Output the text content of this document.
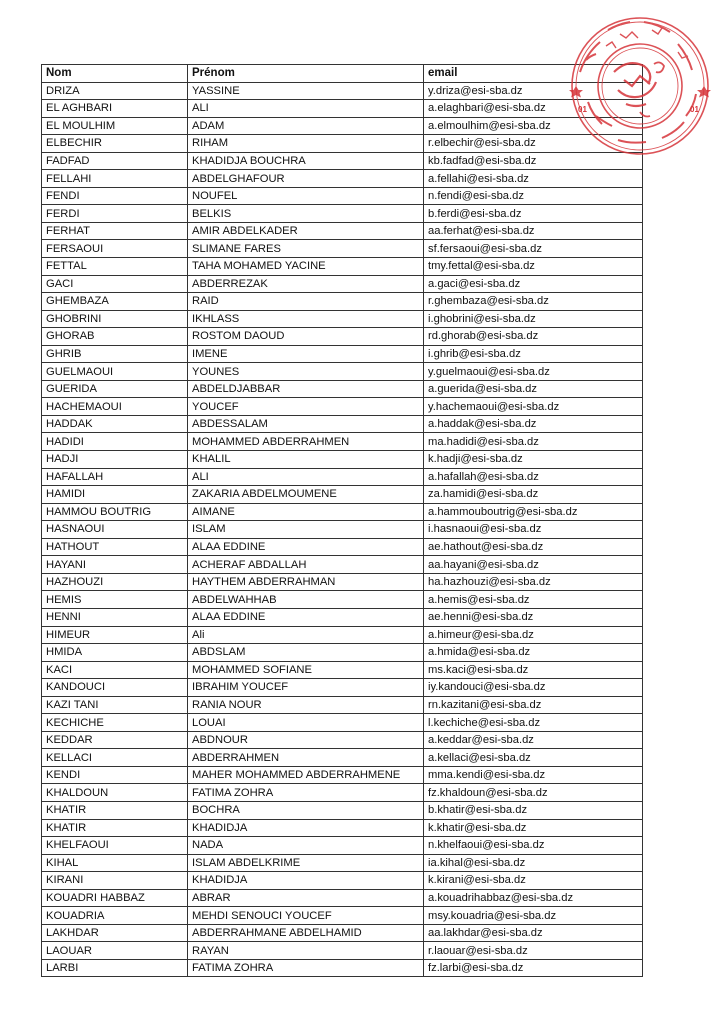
Nom	Prénom	email
DRIZA	YASSINE	y.driza@esi-sba.dz
EL AGHBARI	ALI	a.elaghbari@esi-sba.dz
EL MOULHIM	ADAM	a.elmoulhim@esi-sba.dz
ELBECHIR	RIHAM	r.elbechir@esi-sba.dz
FADFAD	KHADIDJA BOUCHRA	kb.fadfad@esi-sba.dz
FELLAHI	ABDELGHAFOUR	a.fellahi@esi-sba.dz
FENDI	NOUFEL	n.fendi@esi-sba.dz
FERDI	BELKIS	b.ferdi@esi-sba.dz
FERHAT	AMIR ABDELKADER	aa.ferhat@esi-sba.dz
FERSAOUI	SLIMANE FARES	sf.fersaoui@esi-sba.dz
FETTAL	TAHA MOHAMED YACINE	tmy.fettal@esi-sba.dz
GACI	ABDERREZAK	a.gaci@esi-sba.dz
GHEMBAZA	RAID	r.ghembaza@esi-sba.dz
GHOBRINI	IKHLASS	i.ghobrini@esi-sba.dz
GHORAB	ROSTOM DAOUD	rd.ghorab@esi-sba.dz
GHRIB	IMENE	i.ghrib@esi-sba.dz
GUELMAOUI	YOUNES	y.guelmaoui@esi-sba.dz
GUERIDA	ABDELDJABBAR	a.guerida@esi-sba.dz
HACHEMAOUI	YOUCEF	y.hachemaoui@esi-sba.dz
HADDAK	ABDESSALAM	a.haddak@esi-sba.dz
HADIDI	MOHAMMED ABDERRAHMEN	ma.hadidi@esi-sba.dz
HADJI	KHALIL	k.hadji@esi-sba.dz
HAFALLAH	ALI	a.hafallah@esi-sba.dz
HAMIDI	ZAKARIA ABDELMOUMENE	za.hamidi@esi-sba.dz
HAMMOU BOUTRIG	AIMANE	a.hammouboutrig@esi-sba.dz
HASNAOUI	ISLAM	i.hasnaoui@esi-sba.dz
HATHOUT	ALAA EDDINE	ae.hathout@esi-sba.dz
HAYANI	ACHERAF ABDALLAH	aa.hayani@esi-sba.dz
HAZHOUZI	HAYTHEM ABDERRAHMAN	ha.hazhouzi@esi-sba.dz
HEMIS	ABDELWAHHAB	a.hemis@esi-sba.dz
HENNI	ALAA EDDINE	ae.henni@esi-sba.dz
HIMEUR	Ali	a.himeur@esi-sba.dz
HMIDA	ABDSLAM	a.hmida@esi-sba.dz
KACI	MOHAMMED SOFIANE	ms.kaci@esi-sba.dz
KANDOUCI	IBRAHIM YOUCEF	iy.kandouci@esi-sba.dz
KAZI TANI	RANIA NOUR	rn.kazitani@esi-sba.dz
KECHICHE	LOUAI	l.kechiche@esi-sba.dz
KEDDAR	ABDNOUR	a.keddar@esi-sba.dz
KELLACI	ABDERRAHMEN	a.kellaci@esi-sba.dz
KENDI	MAHER MOHAMMED ABDERRAHMENE	mma.kendi@esi-sba.dz
KHALDOUN	FATIMA ZOHRA	fz.khaldoun@esi-sba.dz
KHATIR	BOCHRA	b.khatir@esi-sba.dz
KHATIR	KHADIDJA	k.khatir@esi-sba.dz
KHELFAOUI	NADA	n.khelfaoui@esi-sba.dz
KIHAL	ISLAM ABDELKRIME	ia.kihal@esi-sba.dz
KIRANI	KHADIDJA	k.kirani@esi-sba.dz
KOUADRI HABBAZ	ABRAR	a.kouadrihabbaz@esi-sba.dz
KOUADRIA	MEHDI SENOUCI YOUCEF	msy.kouadria@esi-sba.dz
LAKHDAR	ABDERRAHMANE ABDELHAMID	aa.lakhdar@esi-sba.dz
LAOUAR	RAYAN	r.laouar@esi-sba.dz
LARBI	FATIMA ZOHRA	fz.larbi@esi-sba.dz
01	01
